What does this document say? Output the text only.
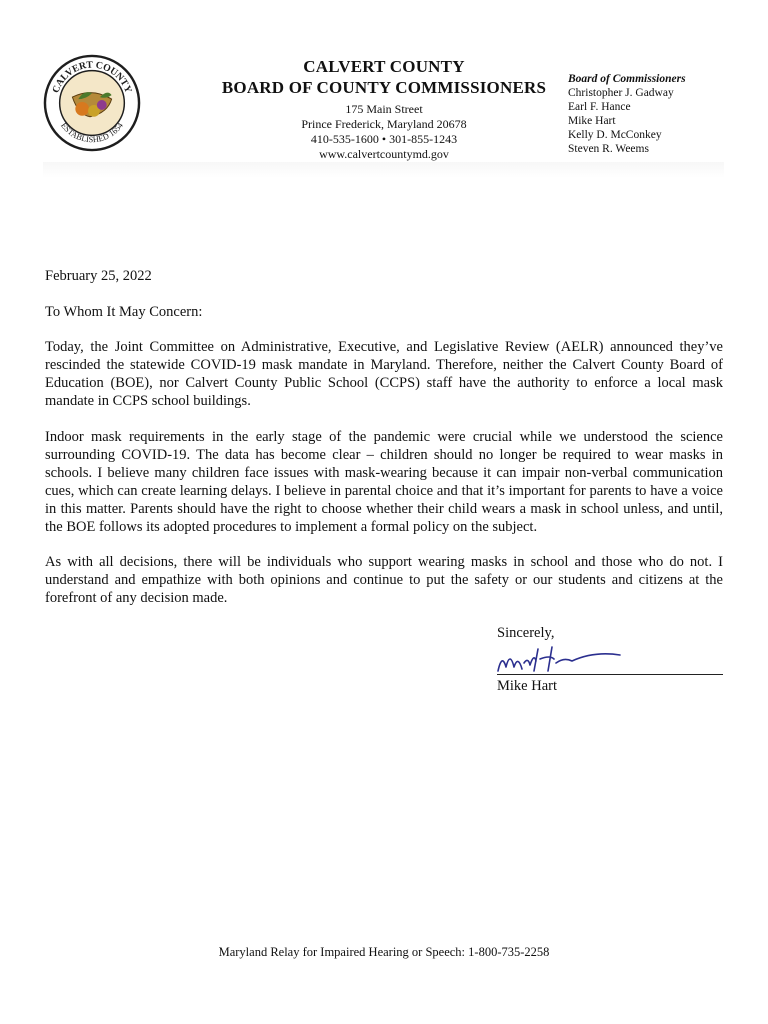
CALVERT COUNTY
ESTABLISHED 1654
CALVERT COUNTY
BOARD OF COUNTY COMMISSIONERS
175 Main Street
Prince Frederick, Maryland 20678
410-535-1600 • 301-855-1243
www.calvertcountymd.gov
Board of Commissioners
Christopher J. Gadway
Earl F. Hance
Mike Hart
Kelly D. McConkey
Steven R. Weems
February 25, 2022
To Whom It May Concern:
Today, the Joint Committee on Administrative, Executive, and Legislative Review (AELR) announced they’ve rescinded the statewide COVID-19 mask mandate in Maryland. Therefore, neither the Calvert County Board of Education (BOE), nor Calvert County Public School (CCPS) staff have the authority to enforce a local mask mandate in CCPS school buildings.
Indoor mask requirements in the early stage of the pandemic were crucial while we understood the science surrounding COVID-19. The data has become clear – children should no longer be required to wear masks in schools. I believe many children face issues with mask-wearing because it can impair non-verbal communication cues, which can create learning delays. I believe in parental choice and that it’s important for parents to have a voice in this matter. Parents should have the right to choose whether their child wears a mask in school unless, and until, the BOE follows its adopted procedures to implement a formal policy on the subject.
As with all decisions, there will be individuals who support wearing masks in school and those who do not. I understand and empathize with both opinions and continue to put the safety or our students and citizens at the forefront of any decision made.
Sincerely,
Mike Hart
Maryland Relay for Impaired Hearing or Speech: 1-800-735-2258
